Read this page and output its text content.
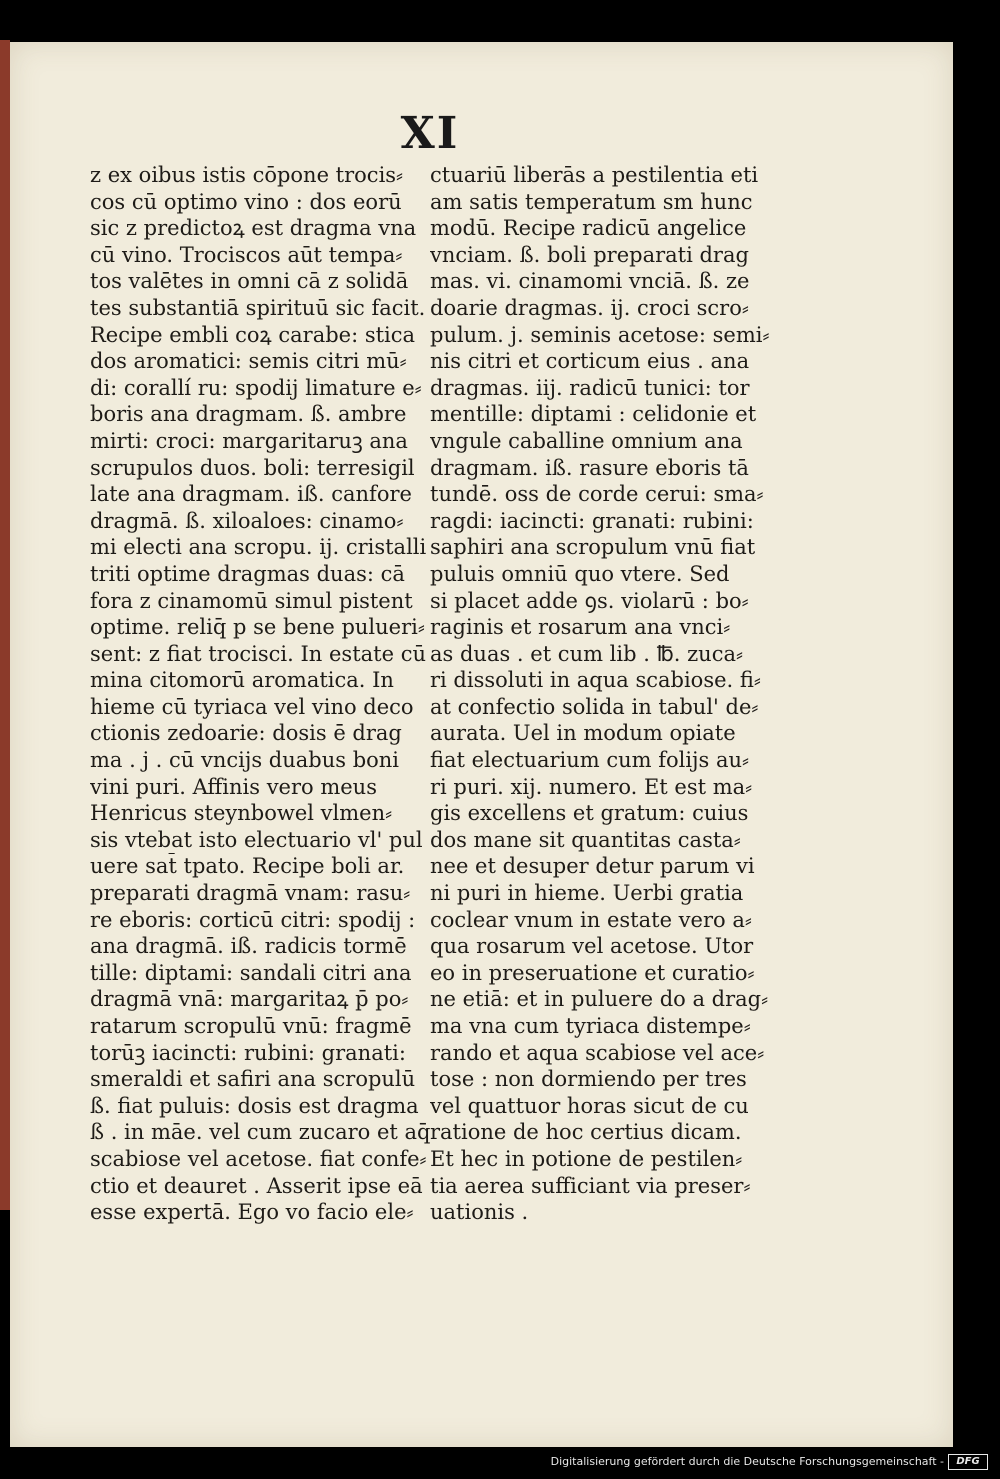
XI
z ex oibus istis cōpone trocis⸗
cos cū optimo vino : dos eorū
sic z predictoꝝ est dragma vna
cū vino. Trociscos aūt tempa⸗
tos valētes in omni cā z solidā
tes substantiā spirituū sic facit.
Recipe embli coꝝ carabe: stica
dos aromatici: semis citri mū⸗
di: corallí ru: spodij limature e⸗
boris ana dragmam. ß. ambre
mirti: croci: margaritaruꝫ ana
scrupulos duos. boli: terresigil
late ana dragmam. iß. canfore
dragmā. ß. xiloaloes: cinamo⸗
mi electi ana scropu. ij. cristalli
triti optime dragmas duas: cā
fora z cinamomū simul pistent
optime. reliq̄ p se bene pulueri⸗
sent: z fiat trocisci. In estate cū
mina citomorū aromatica. In
hieme cū tyriaca vel vino deco
ctionis zedoarie: dosis ē drag
ma . j . cū vncijs duabus boni
vini puri. Affinis vero meus
Henricus steynbowel vlmen⸗
sis vtebat isto electuario vl' pul
uere sat̄ tpato. Recipe boli ar.
preparati dragmā vnam: rasu⸗
re eboris: corticū citri: spodij :
ana dragmā. iß. radicis tormē
tille: diptami: sandali citri ana
dragmā vnā: margaritaꝝ p̄ po⸗
ratarum scropulū vnū: fragmē
torūꝫ iacincti: rubini: granati:
smeraldi et safiri ana scropulū
ß. fiat puluis: dosis est dragma
ß . in māe. vel cum zucaro et aq̄
scabiose vel acetose. fiat confe⸗
ctio et deauret . Asserit ipse eā
esse expertā. Ego vo facio ele⸗
ctuariū liberās a pestilentia eti
am satis temperatum sm hunc
modū. Recipe radicū angelice
vnciam. ß. boli preparati drag
mas. vi. cinamomi vnciā. ß. ze
doarie dragmas. ij. croci scro⸗
pulum. j. seminis acetose: semi⸗
nis citri et corticum eius . ana
dragmas. iij. radicū tunici: tor
mentille: diptami : celidonie et
vngule caballine omnium ana
dragmam. iß. rasure eboris tā
tundē. oss de corde cerui: sma⸗
ragdi: iacincti: granati: rubini:
saphiri ana scropulum vnū fiat
puluis omniū quo vtere. Sed
si placet adde ꝯs. violarū : bo⸗
raginis et rosarum ana vnci⸗
as duas . et cum lib . ℔. zuca⸗
ri dissoluti in aqua scabiose. fi⸗
at confectio solida in tabul' de⸗
aurata. Uel in modum opiate
fiat electuarium cum folijs au⸗
ri puri. xij. numero. Et est ma⸗
gis excellens et gratum: cuius
dos mane sit quantitas casta⸗
nee et desuper detur parum vi
ni puri in hieme. Uerbi gratia
coclear vnum in estate vero a⸗
qua rosarum vel acetose. Utor
eo in preseruatione et curatio⸗
ne etiā: et in puluere do a drag⸗
ma vna cum tyriaca distempe⸗
rando et aqua scabiose vel ace⸗
tose : non dormiendo per tres
vel quattuor horas sicut de cu
ratione de hoc certius dicam.
Et hec in potione de pestilen⸗
tia aerea sufficiant via preser⸗
uationis .
Digitalisierung gefördert durch die Deutsche Forschungsgemeinschaft -	DFG
